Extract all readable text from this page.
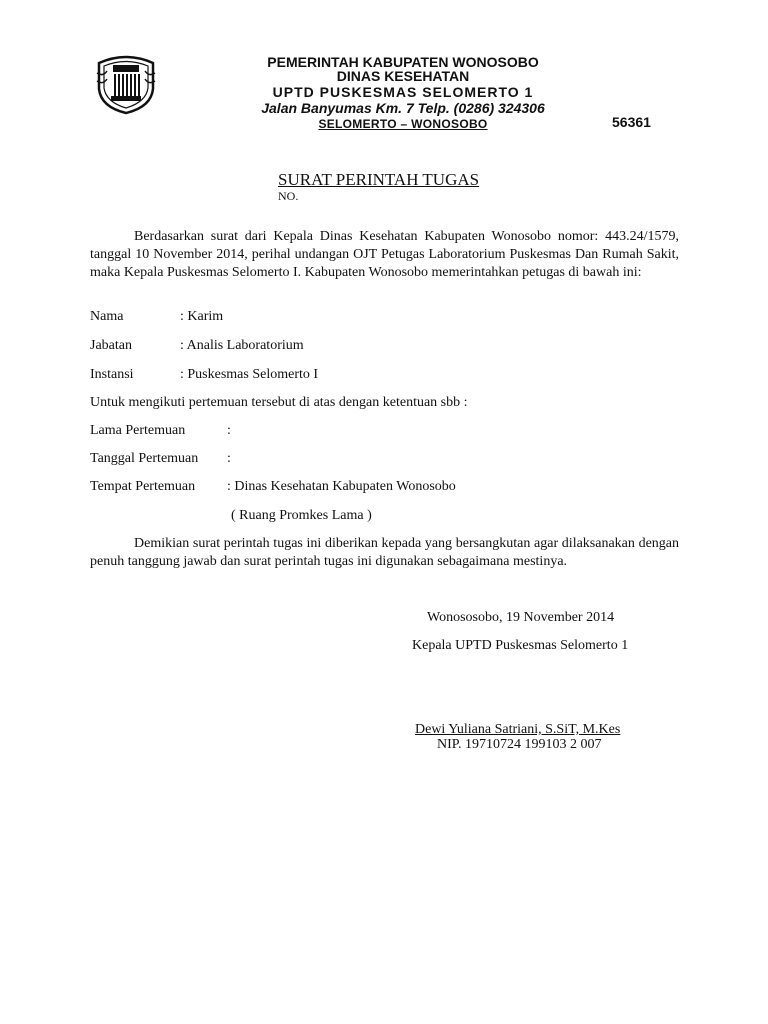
PEMERINTAH KABUPATEN WONOSOBO
DINAS KESEHATAN
UPTD PUSKESMAS SELOMERTO 1
Jalan Banyumas Km. 7 Telp. (0286) 324306
SELOMERTO – WONOSOBO	56361
SURAT PERINTAH TUGAS
NO.
Berdasarkan surat dari Kepala Dinas Kesehatan Kabupaten Wonosobo nomor: 443.24/1579, tanggal 10 November 2014, perihal undangan OJT Petugas Laboratorium Puskesmas Dan Rumah Sakit, maka Kepala Puskesmas Selomerto I. Kabupaten Wonosobo memerintahkan petugas di bawah ini:
Nama	: Karim
Jabatan	: Analis Laboratorium
Instansi	: Puskesmas Selomerto I
Untuk mengikuti pertemuan tersebut di atas dengan ketentuan sbb :
Lama Pertemuan	:
Tanggal Pertemuan :
Tempat Pertemuan : Dinas Kesehatan Kabupaten Wonosobo
( Ruang Promkes Lama )
Demikian surat perintah tugas ini diberikan kepada yang bersangkutan agar dilaksanakan dengan penuh tanggung jawab dan surat perintah tugas ini digunakan sebagaimana mestinya.
Wonososobo, 19 November 2014
Kepala UPTD Puskesmas Selomerto 1
Dewi Yuliana Satriani, S.SiT, M.Kes
NIP. 19710724 199103 2 007
